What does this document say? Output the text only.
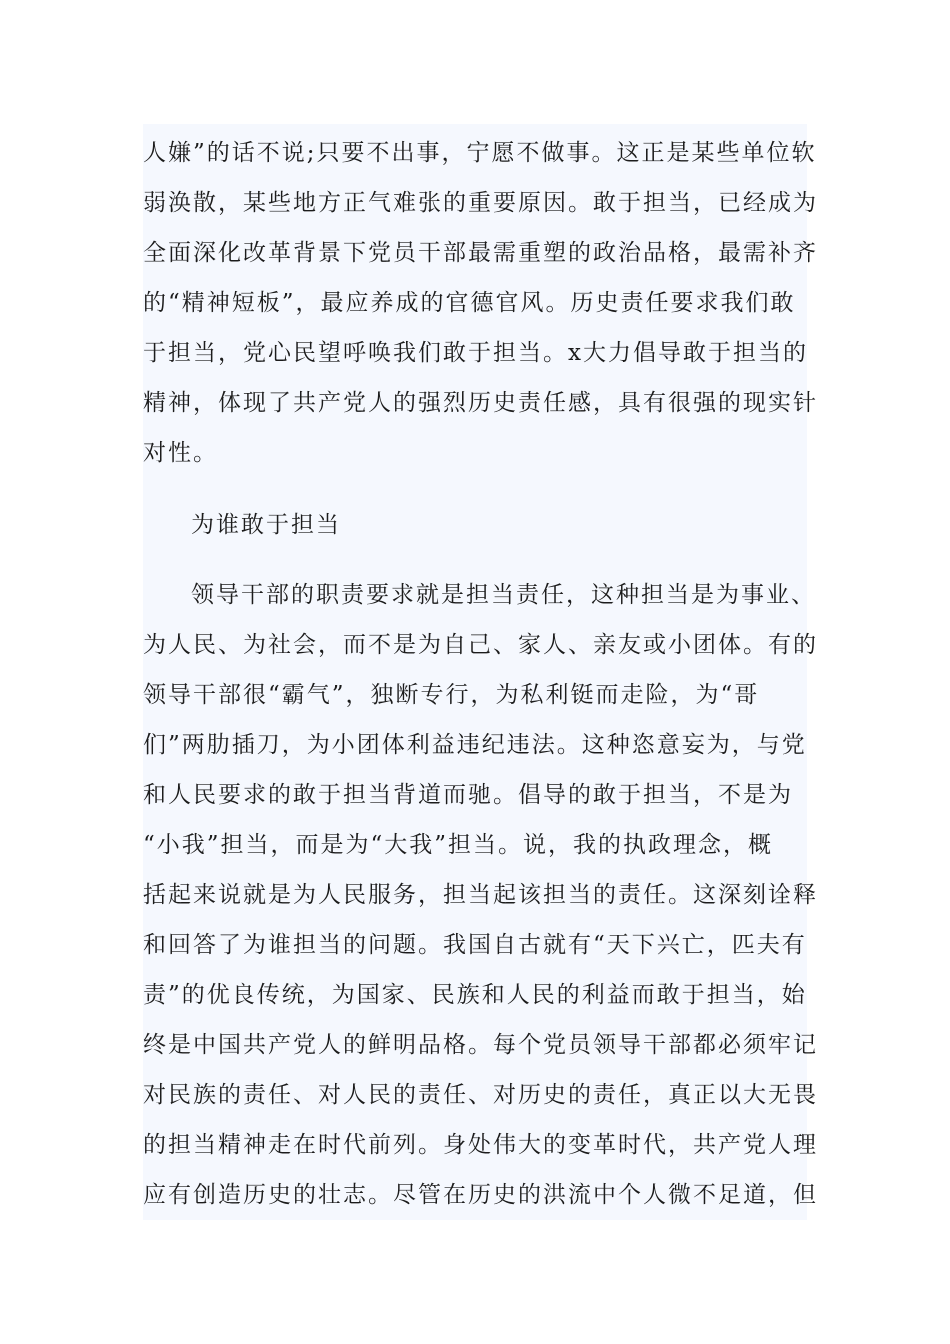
人嫌”的话不说;只要不出事，宁愿不做事。这正是某些单位软
弱涣散，某些地方正气难张的重要原因。敢于担当，已经成为
全面深化改革背景下党员干部最需重塑的政治品格，最需补齐
的“精神短板”，最应养成的官德官风。历史责任要求我们敢
于担当，党心民望呼唤我们敢于担当。x大力倡导敢于担当的
精神，体现了共产党人的强烈历史责任感，具有很强的现实针
对性。
为谁敢于担当
领导干部的职责要求就是担当责任，这种担当是为事业、
为人民、为社会，而不是为自己、家人、亲友或小团体。有的
领导干部很“霸气”，独断专行，为私利铤而走险，为“哥
们”两肋插刀，为小团体利益违纪违法。这种恣意妄为，与党
和人民要求的敢于担当背道而驰。倡导的敢于担当，不是为
“小我”担当，而是为“大我”担当。说，我的执政理念，概
括起来说就是为人民服务，担当起该担当的责任。这深刻诠释
和回答了为谁担当的问题。我国自古就有“天下兴亡，匹夫有
责”的优良传统，为国家、民族和人民的利益而敢于担当，始
终是中国共产党人的鲜明品格。每个党员领导干部都必须牢记
对民族的责任、对人民的责任、对历史的责任，真正以大无畏
的担当精神走在时代前列。身处伟大的变革时代，共产党人理
应有创造历史的壮志。尽管在历史的洪流中个人微不足道，但
